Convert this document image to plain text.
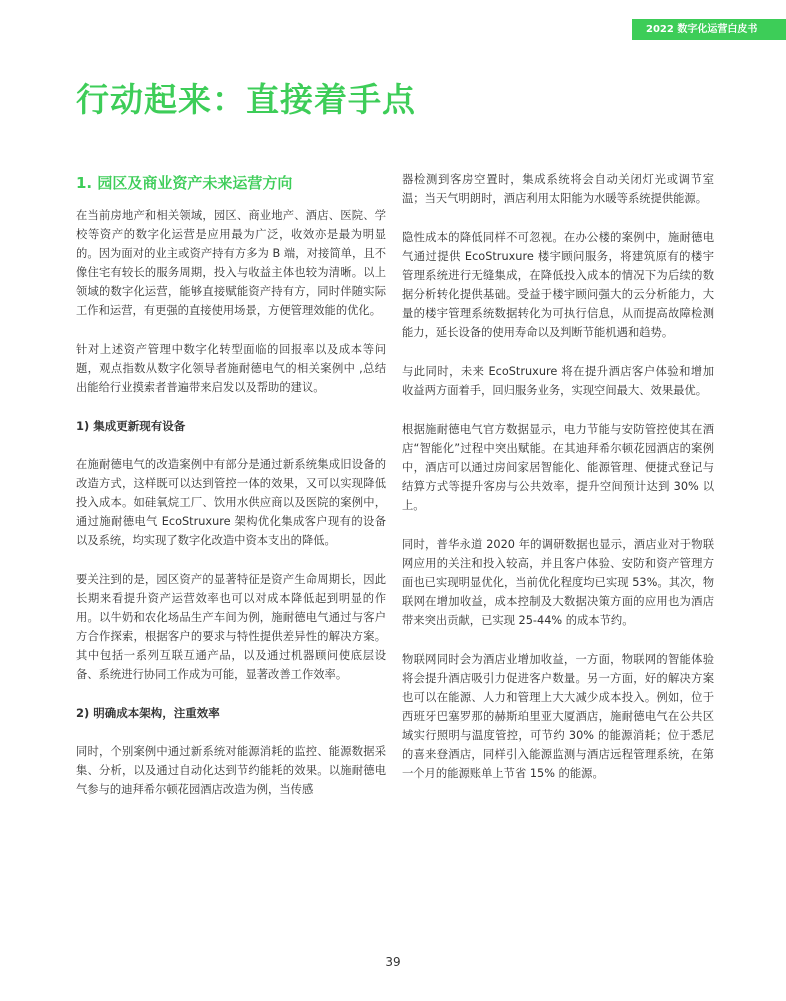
2022 数字化运营白皮书
行动起来：直接着手点
1. 园区及商业资产未来运营方向

在当前房地产和相关领域，园区、商业地产、酒店、医院、学校等资产的数字化运营是应用最为广泛，收效亦是最为明显的。因为面对的业主或资产持有方多为 B 端，对接简单，且不像住宅有较长的服务周期，投入与收益主体也较为清晰。以上领域的数字化运营，能够直接赋能资产持有方，同时伴随实际工作和运营，有更强的直接使用场景，方便管理效能的优化。

针对上述资产管理中数字化转型面临的回报率以及成本等问题，观点指数从数字化领导者施耐德电气的相关案例中 ,总结出能给行业摸索者普遍带来启发以及帮助的建议。

1) 集成更新现有设备

在施耐德电气的改造案例中有部分是通过新系统集成旧设备的改造方式，这样既可以达到管控一体的效果，又可以实现降低投入成本。如硅氧烷工厂、饮用水供应商以及医院的案例中，通过施耐德电气 EcoStruxure 架构优化集成客户现有的设备以及系统，均实现了数字化改造中资本支出的降低。

要关注到的是，园区资产的显著特征是资产生命周期长，因此长期来看提升资产运营效率也可以对成本降低起到明显的作用。以牛奶和农化场品生产车间为例，施耐德电气通过与客户方合作探索，根据客户的要求与特性提供差异性的解决方案。其中包括一系列互联互通产品，以及通过机器顾问使底层设备、系统进行协同工作成为可能，显著改善工作效率。

2) 明确成本架构，注重效率

同时，个别案例中通过新系统对能源消耗的监控、能源数据采集、分析，以及通过自动化达到节约能耗的效果。以施耐德电气参与的迪拜希尔顿花园酒店改造为例，当传感

器检测到客房空置时，集成系统将会自动关闭灯光或调节室温；当天气明朗时，酒店利用太阳能为水暖等系统提供能源。

隐性成本的降低同样不可忽视。在办公楼的案例中，施耐德电气通过提供 EcoStruxure 楼宇顾问服务，将建筑原有的楼宇管理系统进行无缝集成，在降低投入成本的情况下为后续的数据分析转化提供基础。受益于楼宇顾问强大的云分析能力，大量的楼宇管理系统数据转化为可执行信息，从而提高故障检测能力，延长设备的使用寿命以及判断节能机遇和趋势。

与此同时，未来 EcoStruxure 将在提升酒店客户体验和增加收益两方面着手，回归服务业务，实现空间最大、效果最优。

根据施耐德电气官方数据显示，电力节能与安防管控使其在酒店“智能化”过程中突出赋能。在其迪拜希尔顿花园酒店的案例中，酒店可以通过房间家居智能化、能源管理、便捷式登记与结算方式等提升客房与公共效率，提升空间预计达到 30% 以上。

同时，普华永道 2020 年的调研数据也显示，酒店业对于物联网应用的关注和投入较高，并且客户体验、安防和资产管理方面也已实现明显优化，当前优化程度均已实现 53%。其次，物联网在增加收益，成本控制及大数据决策方面的应用也为酒店带来突出贡献，已实现 25-44% 的成本节约。

物联网同时会为酒店业增加收益，一方面，物联网的智能体验将会提升酒店吸引力促进客户数量。另一方面，好的解决方案也可以在能源、人力和管理上大大减少成本投入。例如，位于西班牙巴塞罗那的赫斯珀里亚大厦酒店，施耐德电气在公共区域实行照明与温度管控，可节约 30% 的能源消耗；位于悉尼的喜来登酒店，同样引入能源监测与酒店远程管理系统，在第一个月的能源账单上节省 15% 的能源。

39
